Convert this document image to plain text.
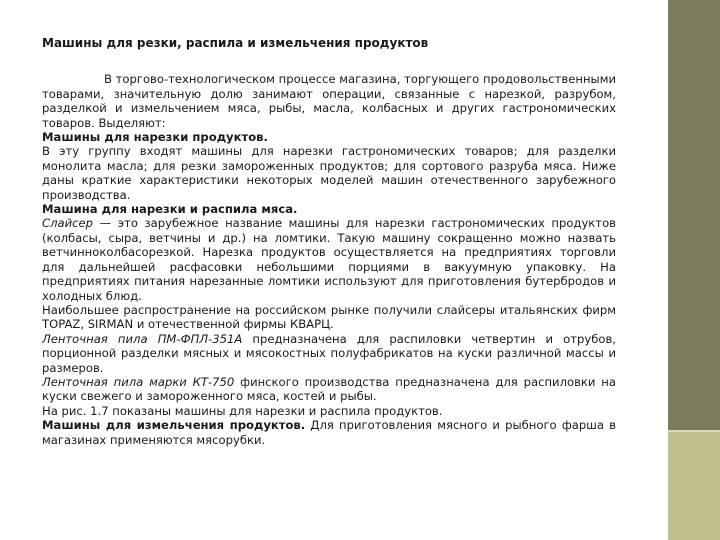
Машины для резки, распила и измельчения продуктов

В торгово-технологическом процессе магазина, торгующего продовольственными товарами, значительную долю занимают операции, связанные с нарезкой, разрубом, разделкой и измельчением мяса, рыбы, масла, колбасных и других гастрономических товаров. Выделяют:

Машины для нарезки продуктов.

В эту группу входят машины для нарезки гастрономических товаров; для разделки монолита масла; для резки замороженных продуктов; для сортового разруба мяса. Ниже даны краткие характеристики некоторых моделей машин отечественного зарубежного производства.

Машина для нарезки и распила мяса.

Слайсер — это зарубежное название машины для нарезки гастрономических продуктов (колбасы, сыра, ветчины и др.) на ломтики. Такую машину сокращенно можно назвать ветчинноколбасорезкой. Нарезка продуктов осуществляется на предприятиях торговли для дальнейшей расфасовки небольшими порциями в вакуумную упаковку. На предприятиях питания нарезанные ломтики используют для приготовления бутербродов и холодных блюд.

Наибольшее распространение на российском рынке получили слайсеры итальянских фирм TOPAZ, SIRMAN и отечественной фирмы КВАРЦ.

Ленточная пила ПМ-ФПЛ-351А предназначена для распиловки четвертин и отрубов, порционной разделки мясных и мясокостных полуфабрикатов на куски различной массы и размеров.

Ленточная пила марки КТ-750 финского производства предназначена для распиловки на куски свежего и замороженного мяса, костей и рыбы.

На рис. 1.7 показаны машины для нарезки и распила продуктов.

Машины для измельчения продуктов. Для приготовления мясного и рыбного фарша в магазинах применяются мясорубки.
